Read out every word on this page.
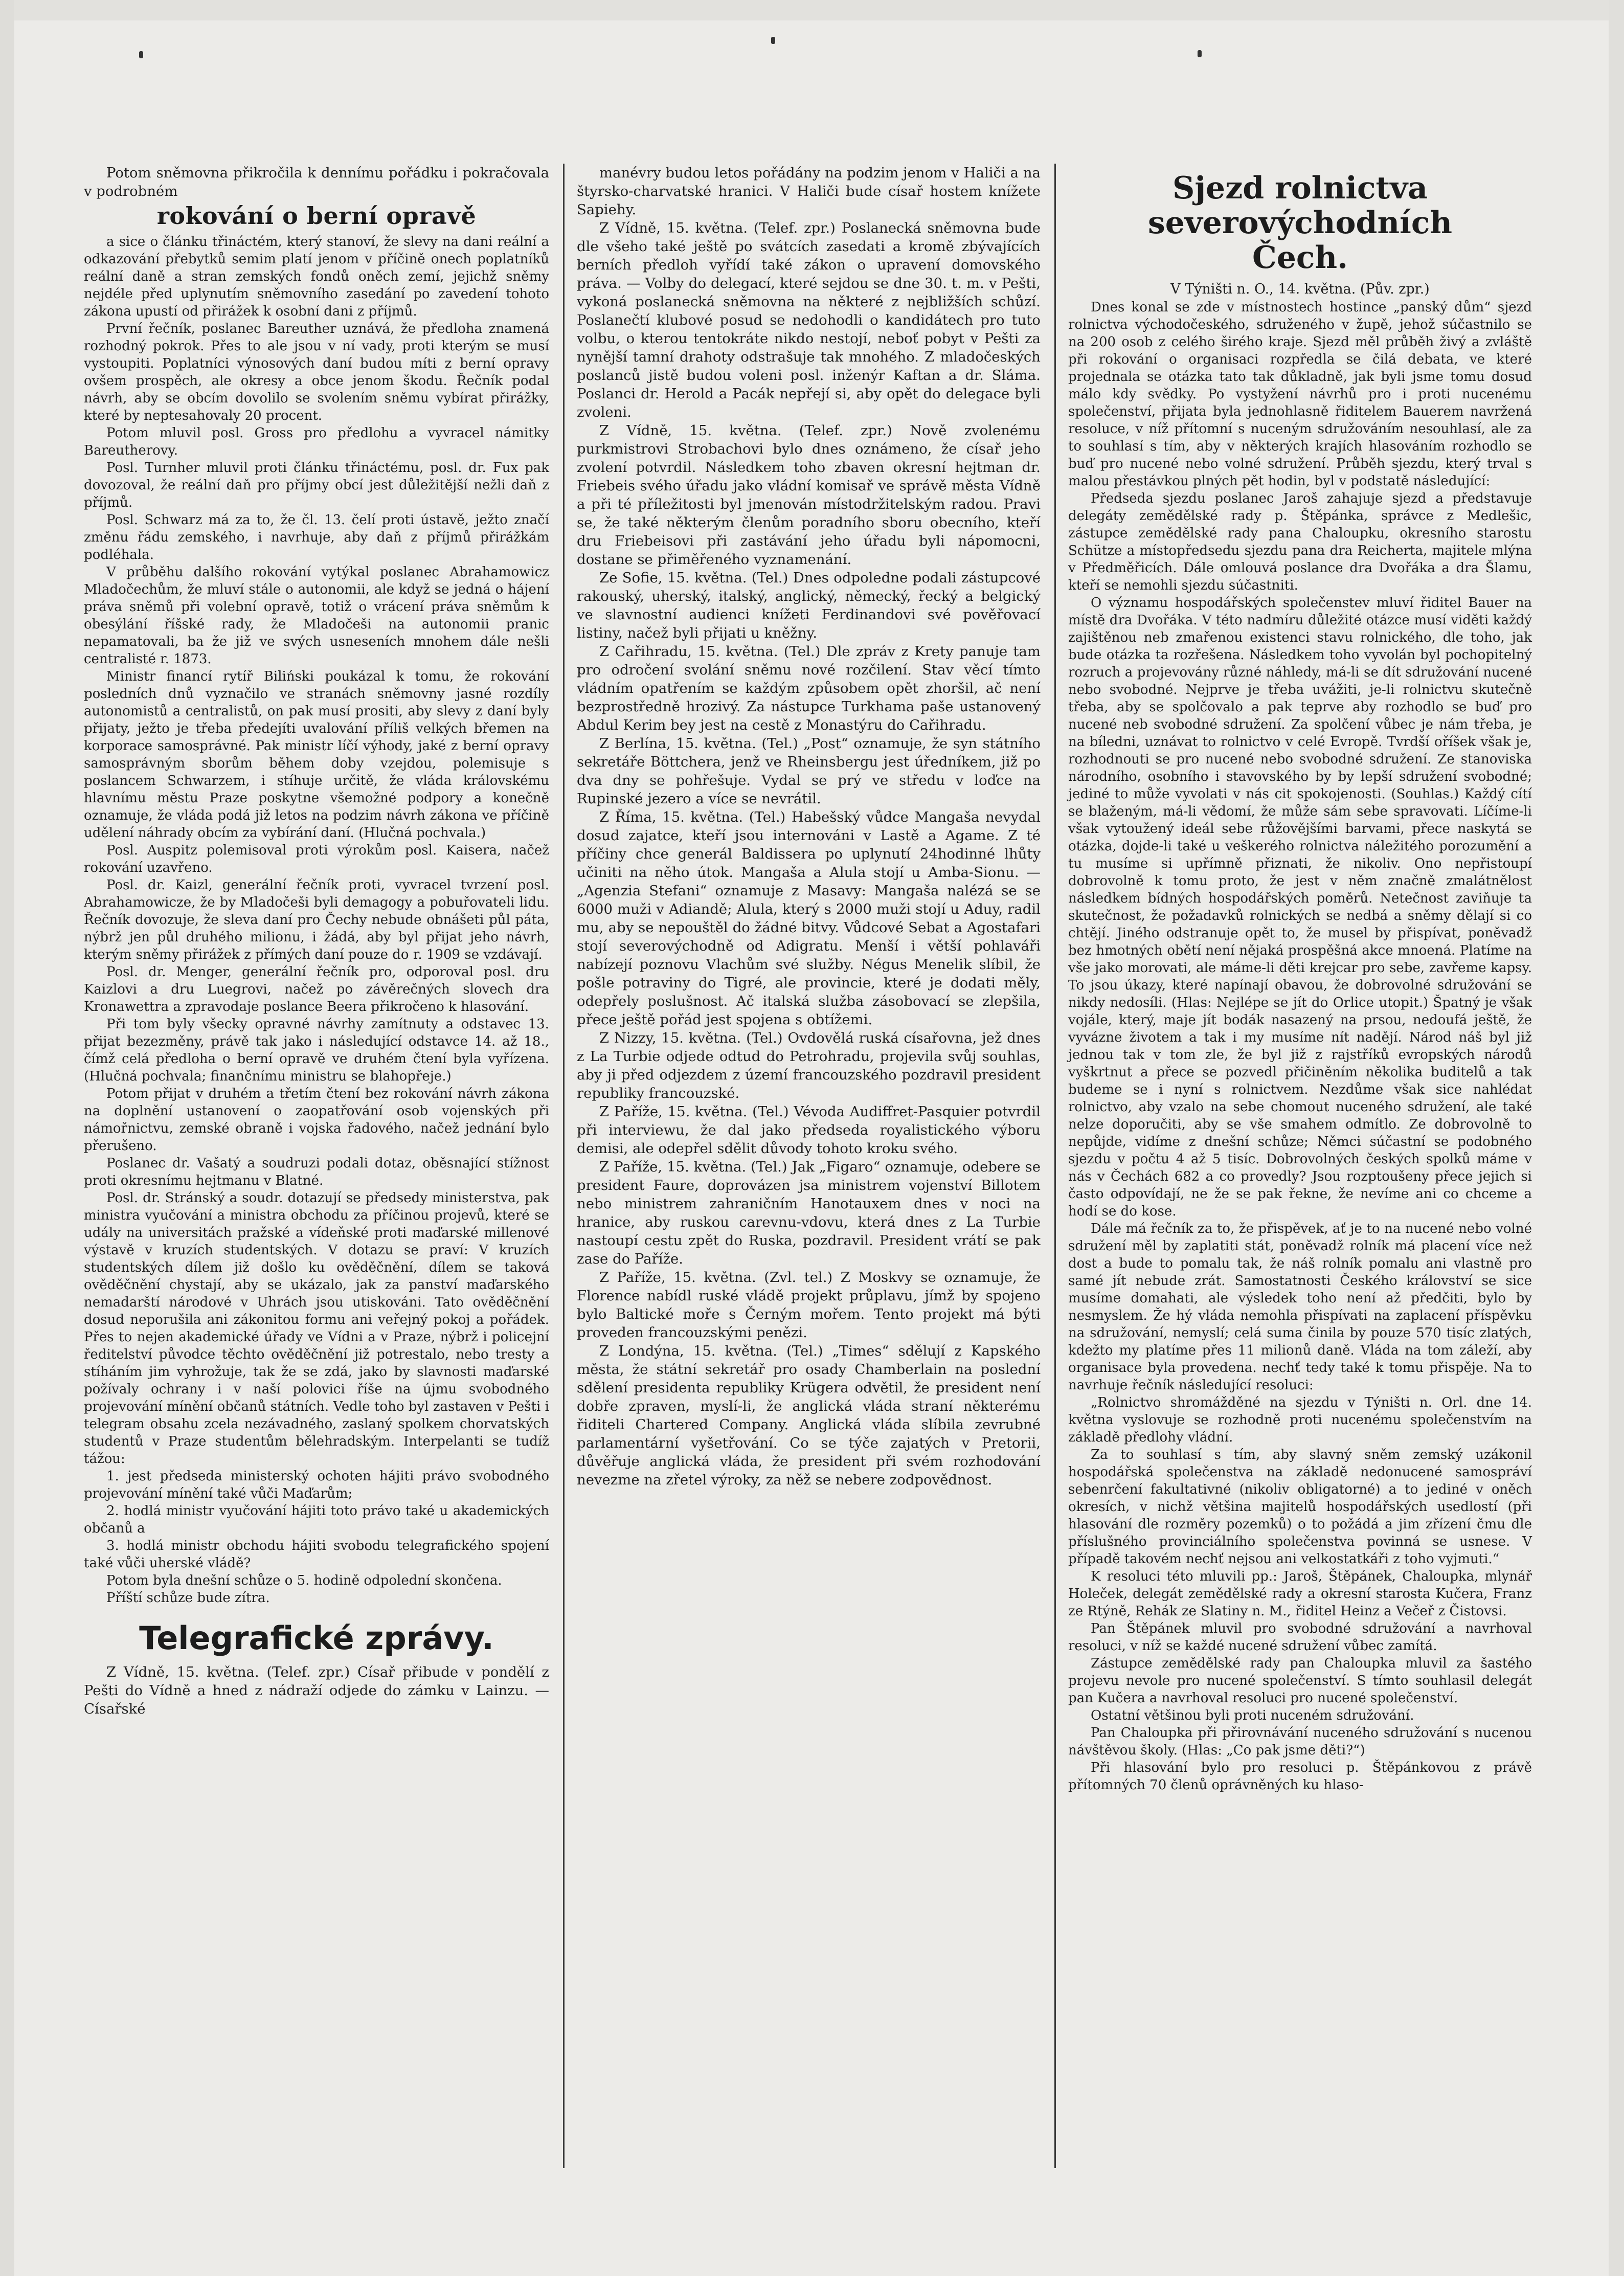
Potom sněmovna přikročila k dennímu pořádku i pokračovala v podrobném

rokování o berní opravě

a sice o článku třináctém, který stanoví, že slevy na dani reální a odkazování přebytků semim platí jenom v příčině onech poplatníků reální daně a stran zemských fondů oněch zemí, jejichž sněmy nejdéle před uplynutím sněmovního zasedání po zavedení tohoto zákona upustí od přirážek k osobní dani z příjmů.

První řečník, poslanec Bareuther uznává, že předloha znamená rozhodný pokrok. Přes to ale jsou v ní vady, proti kterým se musí vystoupiti. Poplatníci výnosových daní budou míti z berní opravy ovšem prospěch, ale okresy a obce jenom škodu. Řečník podal návrh, aby se obcím dovolilo se svolením sněmu vybírat přirážky, které by neptesahovaly 20 procent.

Potom mluvil posl. Gross pro předlohu a vyvracel námitky Bareutherovy.

Posl. Turnher mluvil proti článku třináctému, posl. dr. Fux pak dovozoval, že reální daň pro příjmy obcí jest důležitější nežli daň z příjmů.

Posl. Schwarz má za to, že čl. 13. čelí proti ústavě, ježto značí změnu řádu zemského, i navrhuje, aby daň z příjmů přirážkám podléhala.

V průběhu dalšího rokování vytýkal poslanec Abrahamowicz Mladočechům, že mluví stále o autonomii, ale když se jedná o hájení práva sněmů při volební opravě, totiž o vrácení práva sněmům k obesýlání říšské rady, že Mladočeši na autonomii pranic nepamatovali, ba že již ve svých usneseních mnohem dále nešli centralisté r. 1873.

Ministr financí rytíř Biliński poukázal k tomu, že rokování posledních dnů vyznačilo ve stranách sněmovny jasné rozdíly autonomistů a centralistů, on pak musí prositi, aby slevy z daní byly přijaty, ježto je třeba předejíti uvalování příliš velkých břemen na korporace samosprávné. Pak ministr líčí výhody, jaké z berní opravy samosprávným sborům během doby vzejdou, polemisuje s poslancem Schwarzem, i stíhuje určitě, že vláda královskému hlavnímu městu Praze poskytne všemožné podpory a konečně oznamuje, že vláda podá již letos na podzim návrh zákona ve příčině udělení náhrady obcím za vybírání daní. (Hlučná pochvala.)

Posl. Auspitz polemisoval proti výrokům posl. Kaisera, načež rokování uzavřeno.

Posl. dr. Kaizl, generální řečník proti, vyvracel tvrzení posl. Abrahamowicze, že by Mladočeši byli demagogy a pobuřovateli lidu. Řečník dovozuje, že sleva daní pro Čechy nebude obnášeti půl páta, nýbrž jen půl druhého milionu, i žádá, aby byl přijat jeho návrh, kterým sněmy přirážek z přímých daní pouze do r. 1909 se vzdávají.

Posl. dr. Menger, generální řečník pro, odporoval posl. dru Kaizlovi a dru Luegrovi, načež po závěrečných slovech dra Kronawettra a zpravodaje poslance Beera přikročeno k hlasování.

Při tom byly všecky opravné návrhy zamítnuty a odstavec 13. přijat bezezměny, právě tak jako i následující odstavce 14. až 18., čímž celá předloha o berní opravě ve druhém čtení byla vyřízena. (Hlučná pochvala; finančnímu ministru se blahopřeje.)

Potom přijat v druhém a třetím čtení bez rokování návrh zákona na doplnění ustanovení o zaopatřování osob vojenských při námořnictvu, zemské obraně i vojska řadového, načež jednání bylo přerušeno.

Poslanec dr. Vašatý a soudruzi podali dotaz, oběsnající stížnost proti okresnímu hejtmanu v Blatné.

Posl. dr. Stránský a soudr. dotazují se předsedy ministerstva, pak ministra vyučování a ministra obchodu za příčinou projevů, které se udály na universitách pražské a vídeňské proti maďarské millenové výstavě v kruzích studentských. V dotazu se praví: V kruzích studentských dílem již došlo ku ověděčnění, dílem se taková ověděčnění chystají, aby se ukázalo, jak za panství maďarského nemadarští národové v Uhrách jsou utiskováni. Tato ověděčnění dosud neporušila ani zákonitou formu ani veřejný pokoj a pořádek. Přes to nejen akademické úřady ve Vídni a v Praze, nýbrž i policejní ředitelství původce těchto ověděčnění již potrestalo, nebo tresty a stíháním jim vyhrožuje, tak že se zdá, jako by slavnosti maďarské požívaly ochrany i v naší polovici říše na újmu svobodného projevování mínění občanů státních. Vedle toho byl zastaven v Pešti i telegram obsahu zcela nezávadného, zaslaný spolkem chorvatských studentů v Praze studentům bělehradským. Interpelanti se tudíž tážou:

1. jest předseda ministerský ochoten hájiti právo svobodného projevování mínění také vůči Maďarům;

2. hodlá ministr vyučování hájiti toto právo také u akademických občanů a

3. hodlá ministr obchodu hájiti svobodu telegrafického spojení také vůči uherské vládě?

Potom byla dnešní schůze o 5. hodině odpolední skončena.

Příští schůze bude zítra.

Telegrafické zprávy.

Z Vídně, 15. května. (Telef. zpr.) Císař přibude v pondělí z Pešti do Vídně a hned z nádraží odjede do zámku v Lainzu. — Císařské

manévry budou letos pořádány na podzim jenom v Haliči a na štyrsko-charvatské hranici. V Haliči bude císař hostem knížete Sapiehy.

Z Vídně, 15. května. (Telef. zpr.) Poslanecká sněmovna bude dle všeho také ještě po svátcích zasedati a kromě zbývajících berních předloh vyřídí také zákon o upravení domovského práva. — Volby do delegací, které sejdou se dne 30. t. m. v Pešti, vykoná poslanecká sněmovna na některé z nejbližších schůzí. Poslanečtí klubové posud se nedohodli o kandidátech pro tuto volbu, o kterou tentokráte nikdo nestojí, neboť pobyt v Pešti za nynější tamní drahoty odstrašuje tak mnohého. Z mladočeských poslanců jistě budou voleni posl. inženýr Kaftan a dr. Sláma. Poslanci dr. Herold a Pacák nepřejí si, aby opět do delegace byli zvoleni.

Z Vídně, 15. května. (Telef. zpr.) Nově zvolenému purkmistrovi Strobachovi bylo dnes oznámeno, že císař jeho zvolení potvrdil. Následkem toho zbaven okresní hejtman dr. Friebeis svého úřadu jako vládní komisař ve správě města Vídně a při té příležitosti byl jmenován místodržitelským radou. Pravi se, že také některým členům poradního sboru obecního, kteří dru Friebeisovi při zastávání jeho úřadu byli nápomocni, dostane se přiměřeného vyznamenání.

Ze Sofie, 15. května. (Tel.) Dnes odpoledne podali zástupcové rakouský, uherský, italský, anglický, německý, řecký a belgický ve slavnostní audienci knížeti Ferdinandovi své pověřovací listiny, načež byli přijati u kněžny.

Z Cařihradu, 15. května. (Tel.) Dle zpráv z Krety panuje tam pro odročení svolání sněmu nové rozčilení. Stav věcí tímto vládním opatřením se každým způsobem opět zhoršil, ač není bezprostředně hrozivý. Za nástupce Turkhama paše ustanovený Abdul Kerim bey jest na cestě z Monastýru do Cařihradu.

Z Berlína, 15. května. (Tel.) „Post“ oznamuje, že syn státního sekretáře Böttchera, jenž ve Rheinsbergu jest úředníkem, již po dva dny se pohřešuje. Vydal se prý ve středu v loďce na Rupinské jezero a více se nevrátil.

Z Říma, 15. května. (Tel.) Habešský vůdce Mangaša nevydal dosud zajatce, kteří jsou internováni v Lastě a Agame. Z té příčiny chce generál Baldissera po uplynutí 24hodinné lhůty učiniti na něho útok. Mangaša a Alula stojí u Amba-Sionu. — „Agenzia Stefani“ oznamuje z Masavy: Mangaša nalézá se se 6000 muži v Adiandě; Alula, který s 2000 muži stojí u Aduy, radil mu, aby se nepouštěl do žádné bitvy. Vůdcové Sebat a Agostafari stojí severovýchodně od Adigratu. Menší i větší pohlaváři nabízejí poznovu Vlachům své služby. Négus Menelik slíbil, že pošle potraviny do Tigré, ale provincie, které je dodati měly, odepřely poslušnost. Ač italská služba zásobovací se zlepšila, přece ještě pořád jest spojena s obtížemi.

Z Nizzy, 15. května. (Tel.) Ovdovělá ruská císařovna, jež dnes z La Turbie odjede odtud do Petrohradu, projevila svůj souhlas, aby ji před odjezdem z území francouzského pozdravil president republiky francouzské.

Z Paříže, 15. května. (Tel.) Vévoda Audiffret-Pasquier potvrdil při interviewu, že dal jako předseda royalistického výboru demisi, ale odepřel sdělit důvody tohoto kroku svého.

Z Paříže, 15. května. (Tel.) Jak „Figaro“ oznamuje, odebere se president Faure, doprovázen jsa ministrem vojenství Billotem nebo ministrem zahraničním Hanotauxem dnes v noci na hranice, aby ruskou carevnu-vdovu, která dnes z La Turbie nastoupí cestu zpět do Ruska, pozdravil. President vrátí se pak zase do Paříže.

Z Paříže, 15. května. (Zvl. tel.) Z Moskvy se oznamuje, že Florence nabídl ruské vládě projekt průplavu, jímž by spojeno bylo Baltické moře s Černým mořem. Tento projekt má býti proveden francouzskými penězi.

Z Londýna, 15. května. (Tel.) „Times“ sdělují z Kapského města, že státní sekretář pro osady Chamberlain na poslední sdělení presidenta republiky Krügera odvětil, že president není dobře zpraven, myslí-li, že anglická vláda straní některému řiditeli Chartered Company. Anglická vláda slíbila zevrubné parlamentární vyšetřování. Co se týče zajatých v Pretorii, důvěřuje anglická vláda, že president při svém rozhodování nevezme na zřetel výroky, za něž se nebere zodpovědnost.

Sjezd rolnictva severovýchodních
Čech.
V Týništi n. O., 14. května. (Pův. zpr.)

Dnes konal se zde v místnostech hostince „panský dům“ sjezd rolnictva východočeského, sdruženého v župě, jehož súčastnilo se na 200 osob z celého širého kraje. Sjezd měl průběh živý a zvláště při rokování o organisaci rozpředla se čilá debata, ve které projednala se otázka tato tak důkladně, jak byli jsme tomu dosud málo kdy svědky. Po vystyžení návrhů pro i proti nucenému společenství, přijata byla jednohlasně řiditelem Bauerem navržená resoluce, v níž přítomní s nuceným sdružováním nesouhlasí, ale za to souhlasí s tím, aby v některých krajích hlasováním rozhodlo se buď pro nucené nebo volné sdružení. Průběh sjezdu, který trval s malou přestávkou plných pět hodin, byl v podstatě následující:

Předseda sjezdu poslanec Jaroš zahajuje sjezd a představuje delegáty zemědělské rady p. Štěpánka, správce z Medlešic, zástupce zemědělské rady pana Chaloupku, okresního starostu Schütze a místopředsedu sjezdu pana dra Reicherta, majitele mlýna v Předměřicích. Dále omlouvá poslance dra Dvořáka a dra Šlamu, kteří se nemohli sjezdu súčastniti.

O významu hospodářských společenstev mluví řiditel Bauer na místě dra Dvořáka. V této nadmíru důležité otázce musí viděti každý zajištěnou neb zmařenou existenci stavu rolnického, dle toho, jak bude otázka ta rozřešena. Následkem toho vyvolán byl pochopitelný rozruch a projevovány různé náhledy, má-li se dít sdružování nucené nebo svobodné. Nejprve je třeba uvážiti, je-li rolnictvu skutečně třeba, aby se spolčovalo a pak teprve aby rozhodlo se buď pro nucené neb svobodné sdružení. Za spolčení vůbec je nám třeba, je na bíledni, uznávat to rolnictvo v celé Evropě. Tvrdší oříšek však je, rozhodnouti se pro nucené nebo svobodné sdružení. Ze stanoviska národního, osobního i stavovského by by lepší sdružení svobodné; jediné to může vyvolati v nás cit spokojenosti. (Souhlas.) Každý cítí se blaženým, má-li vědomí, že může sám sebe spravovati. Líčíme-li však vytoužený ideál sebe růžovějšími barvami, přece naskytá se otázka, dojde-li také u veškerého rolnictva náležitého porozumění a tu musíme si upřímně přiznati, že nikoliv. Ono nepřistoupí dobrovolně k tomu proto, že jest v něm značně zmalátnělost následkem bídných hospodářských poměrů. Netečnost zaviňuje ta skutečnost, že požadavků rolnických se nedbá a sněmy dělají si co chtějí. Jiného odstranuje opět to, že musel by přispívat, poněvadž bez hmotných obětí není nějaká prospěšná akce mnoená. Platíme na vše jako morovati, ale máme-li děti krejcar pro sebe, zavřeme kapsy. To jsou úkazy, které napínají obavou, že dobrovolné sdružování se nikdy nedosíli. (Hlas: Nejlépe se jít do Orlice utopit.) Špatný je však vojále, který, maje jít bodák nasazený na prsou, nedoufá ještě, že vyvázne životem a tak i my musíme nít nadějí. Národ náš byl již jednou tak v tom zle, že byl již z rajstříků evropských národů vyškrtnut a přece se pozvedl přičiněním několika buditelů a tak budeme se i nyní s rolnictvem. Nezdůme však sice nahlédat rolnictvo, aby vzalo na sebe chomout nuceného sdružení, ale také nelze doporučiti, aby se vše smahem odmítlo. Ze dobrovolně to nepůjde, vidíme z dnešní schůze; Němci súčastní se podobného sjezdu v počtu 4 až 5 tisíc. Dobrovolných českých spolků máme v nás v Čechách 682 a co provedly? Jsou rozptoušeny přece jejich si často odpovídají, ne že se pak řekne, že nevíme ani co chceme a hodí se do kose.

Dále má řečník za to, že přispěvek, ať je to na nucené nebo volné sdružení měl by zaplatiti stát, poněvadž rolník má placení více než dost a bude to pomalu tak, že náš rolník pomalu ani vlastně pro samé jít nebude zrát. Samostatnosti Českého království se sice musíme domahati, ale výsledek toho není až předčiti, bylo by nesmyslem. Že hý vláda nemohla přispívati na zaplacení příspěvku na sdružování, nemyslí; celá suma činila by pouze 570 tisíc zlatých, kdežto my platíme přes 11 milionů daně. Vláda na tom záleží, aby organisace byla provedena. nechť tedy také k tomu přispěje. Na to navrhuje řečník následující resoluci:

„Rolnictvo shromážděné na sjezdu v Týništi n. Orl. dne 14. května vyslovuje se rozhodně proti nucenému společenstvím na základě předlohy vládní.

Za to souhlasí s tím, aby slavný sněm zemský uzákonil hospodářská společenstva na základě nedonucené samospráví sebenrčení fakultativné (nikoliv obligatorné) a to jediné v oněch okresích, v nichž většina majitelů hospodářských usedlostí (při hlasování dle rozměry pozemků) o to požádá a jim zřízení čmu dle příslušného provinciálního společenstva povinná se usnese. V případě takovém nechť nejsou ani velkostatkáři z toho vyjmuti.“

K resoluci této mluvili pp.: Jaroš, Štěpánek, Chaloupka, mlynář Holeček, delegát zemědělské rady a okresní starosta Kučera, Franz ze Rtýně, Rehák ze Slatiny n. M., řiditel Heinz a Večeř z Čistovsi.

Pan Štěpánek mluvil pro svobodné sdružování a navrhoval resoluci, v níž se každé nucené sdružení vůbec zamítá.

Zástupce zemědělské rady pan Chaloupka mluvil za šastého projevu nevole pro nucené společenství. S tímto souhlasil delegát pan Kučera a navrhoval resoluci pro nucené společenství.

Ostatní většinou byli proti nuceném sdružování.

Pan Chaloupka při přirovnávání nuceného sdružování s nucenou návštěvou školy. (Hlas: „Co pak jsme děti?“)

Při hlasování bylo pro resoluci p. Štěpánkovou z právě přítomných 70 členů oprávněných ku hlaso-
